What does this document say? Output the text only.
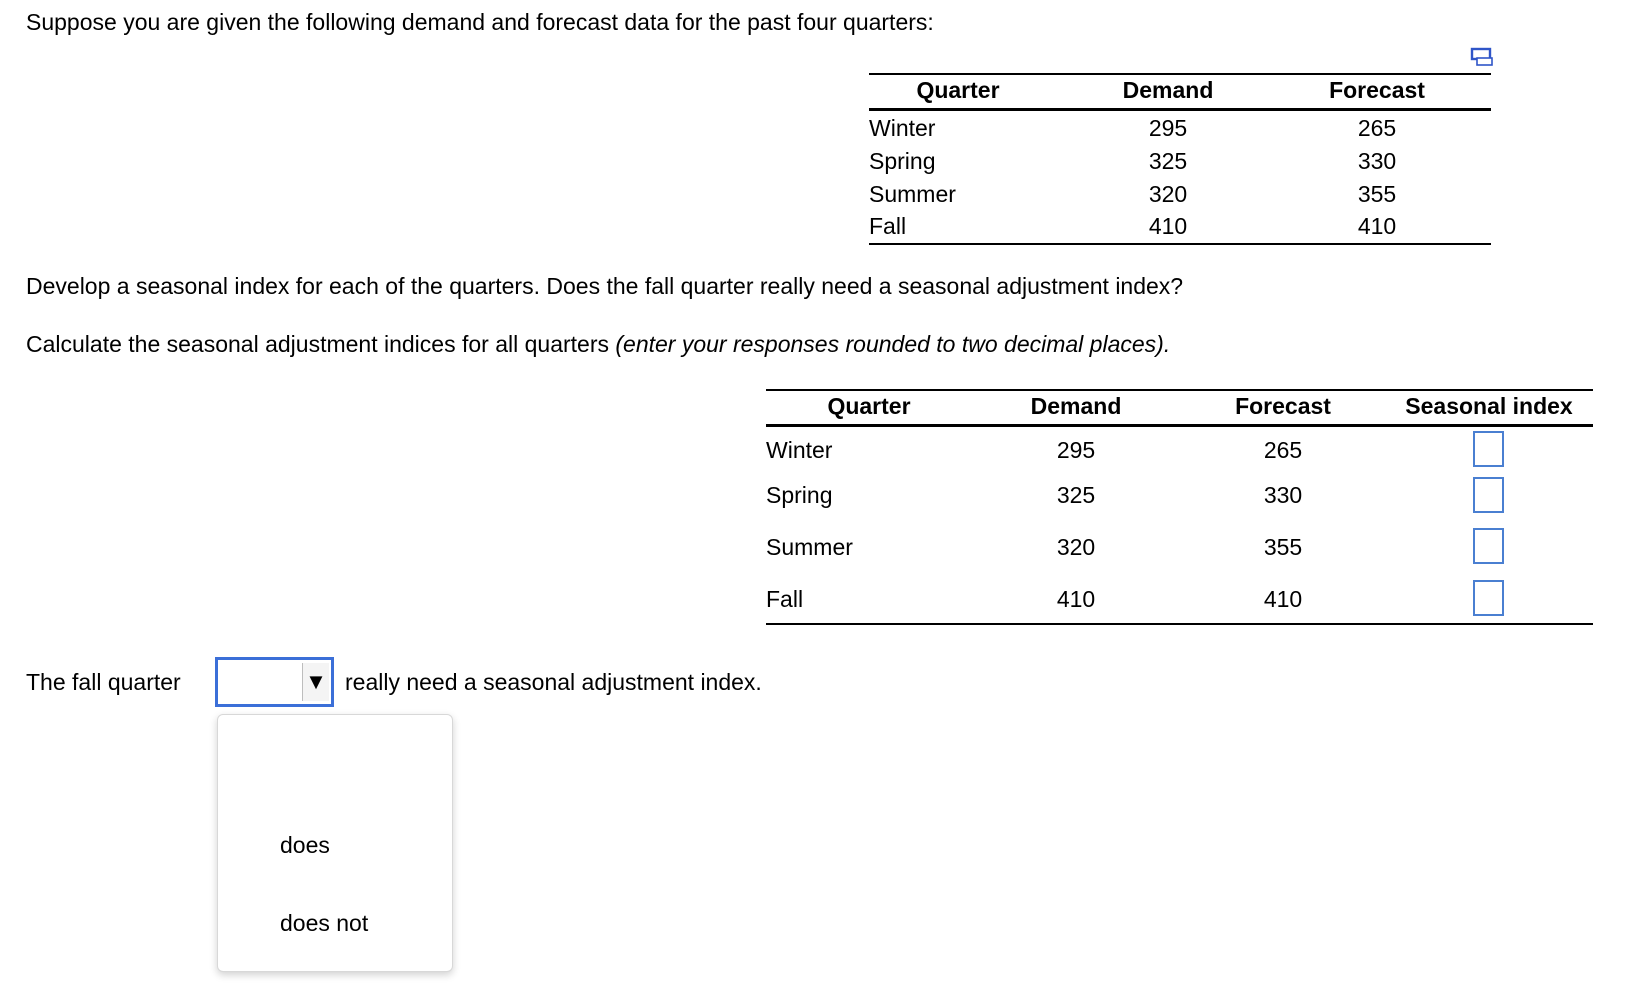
Suppose you are given the following demand and forecast data for the past four quarters:
Quarter	Demand	Forecast
Winter	295	265
Spring	325	330
Summer	320	355
Fall	410	410
Develop a seasonal index for each of the quarters. Does the fall quarter really need a seasonal adjustment index?
Calculate the seasonal adjustment indices for all quarters (enter your responses rounded to two decimal places).
Quarter	Demand	Forecast	Seasonal index
Winter	295	265
Spring	325	330
Summer	320	355
Fall	410	410
The fall quarter	▼ really need a seasonal adjustment index.
does
does not
